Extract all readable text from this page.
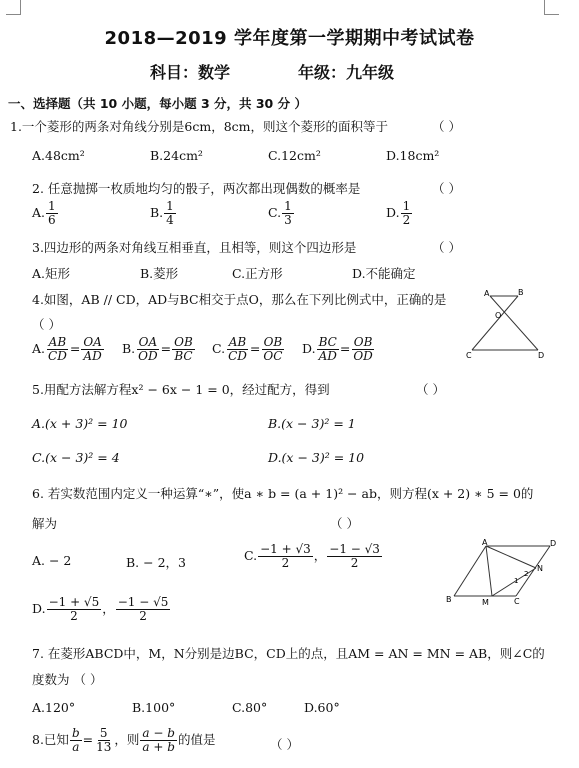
2018—2019 学年度第一学期期中考试试卷
科目：数学	年级：九年级
一、选择题（共 10 小题，每小题 3 分，共 30 分 ）
1.一个菱形的两条对角线分别是6cm，8cm，则这个菱形的面积等于	（ ）
A.48cm²	B.24cm²	C.12cm²	D.18cm²
2. 任意抛掷一枚质地均匀的骰子，两次都出现偶数的概率是	（ ）
A. $\frac{1}{6}$	B. $\frac{1}{4}$	C. $\frac{1}{3}$	D. $\frac{1}{2}$
3.四边形的两条对角线互相垂直，且相等，则这个四边形是	（ ）
A.矩形	B.菱形	C.正方形	D.不能确定
4.如图，AB // CD，AD与BC相交于点O，那么在下列比例式中，正确的是
（ ）
A. $\frac{AB}{CD} = \frac{OA}{AD} B$. $\frac{OA}{OD} = \frac{OB}{BC} C$. $\frac{AB}{CD} = \frac{OB}{OC} D$. $\frac{BC}{AD} = \frac{OB}{OD}$
A	B
O
C	D
5.用配方法解方程x² − 6x − 1 = 0，经过配方，得到	（ ）
A.(x + 3)² = 10	B.(x − 3)² = 1
C.(x − 3)² = 4	D.(x − 3)² = 10
6. 若实数范围内定义一种运算“∗”，使a ∗ b = (a + 1)² − ab，则方程(x + 2) ∗ 5 = 0的
解为	（ ）
A. − 2	B. − 2，3	C. $\frac{-1 + √3}{2}$ ， $\frac{-1 - √3}{2}$
D. $\frac{-1 + √5}{2}$ ， $\frac{-1 - √5}{2}$
A	D
N
B	M	C
1
2
7. 在菱形ABCD中，M，N分别是边BC，CD上的点，且AM = AN = MN = AB，则∠C的
度数为 （ ）
A.120°	B.100°	C.80°	D.60°
8.已知 $\frac{b}{a} = \frac{5}{13}$ ，则 $\frac{a - b}{a + b}$ 的值是	（ ）
